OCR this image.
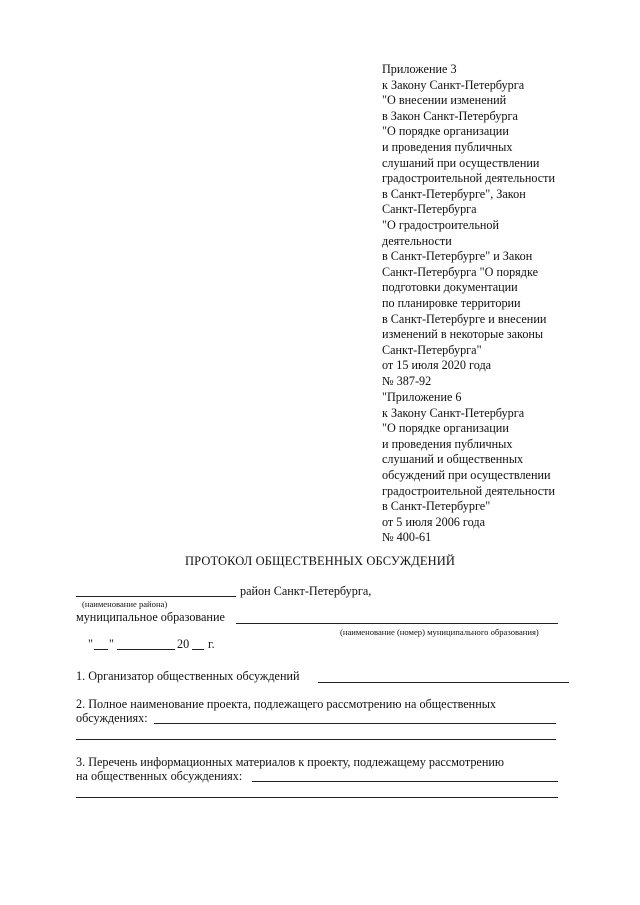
Приложение 3
к Закону Санкт-Петербурга
"О внесении изменений
в Закон Санкт-Петербурга
"О порядке организации
и проведения публичных
слушаний при осуществлении
градостроительной деятельности
в Санкт-Петербурге", Закон
Санкт-Петербурга
"О градостроительной
деятельности
в Санкт-Петербурге" и Закон
Санкт-Петербурга "О порядке
подготовки документации
по планировке территории
в Санкт-Петербурге и внесении
изменений в некоторые законы
Санкт-Петербурга"
от 15 июля 2020 года
№ 387-92
"Приложение 6
к Закону Санкт-Петербурга
"О порядке организации
и проведения публичных
слушаний и общественных
обсуждений при осуществлении
градостроительной деятельности
в Санкт-Петербурге"
от 5 июля 2006 года
№ 400-61
ПРОТОКОЛ ОБЩЕСТВЕННЫХ ОБСУЖДЕНИЙ
район Санкт-Петербурга,
(наименование района)
муниципальное образование
(наименование (номер) муниципального образования)
" "	20 г.
1. Организатор общественных обсуждений
2. Полное наименование проекта, подлежащего рассмотрению на общественных
обсуждениях:
3. Перечень информационных материалов к проекту, подлежащему рассмотрению
на общественных обсуждениях:
